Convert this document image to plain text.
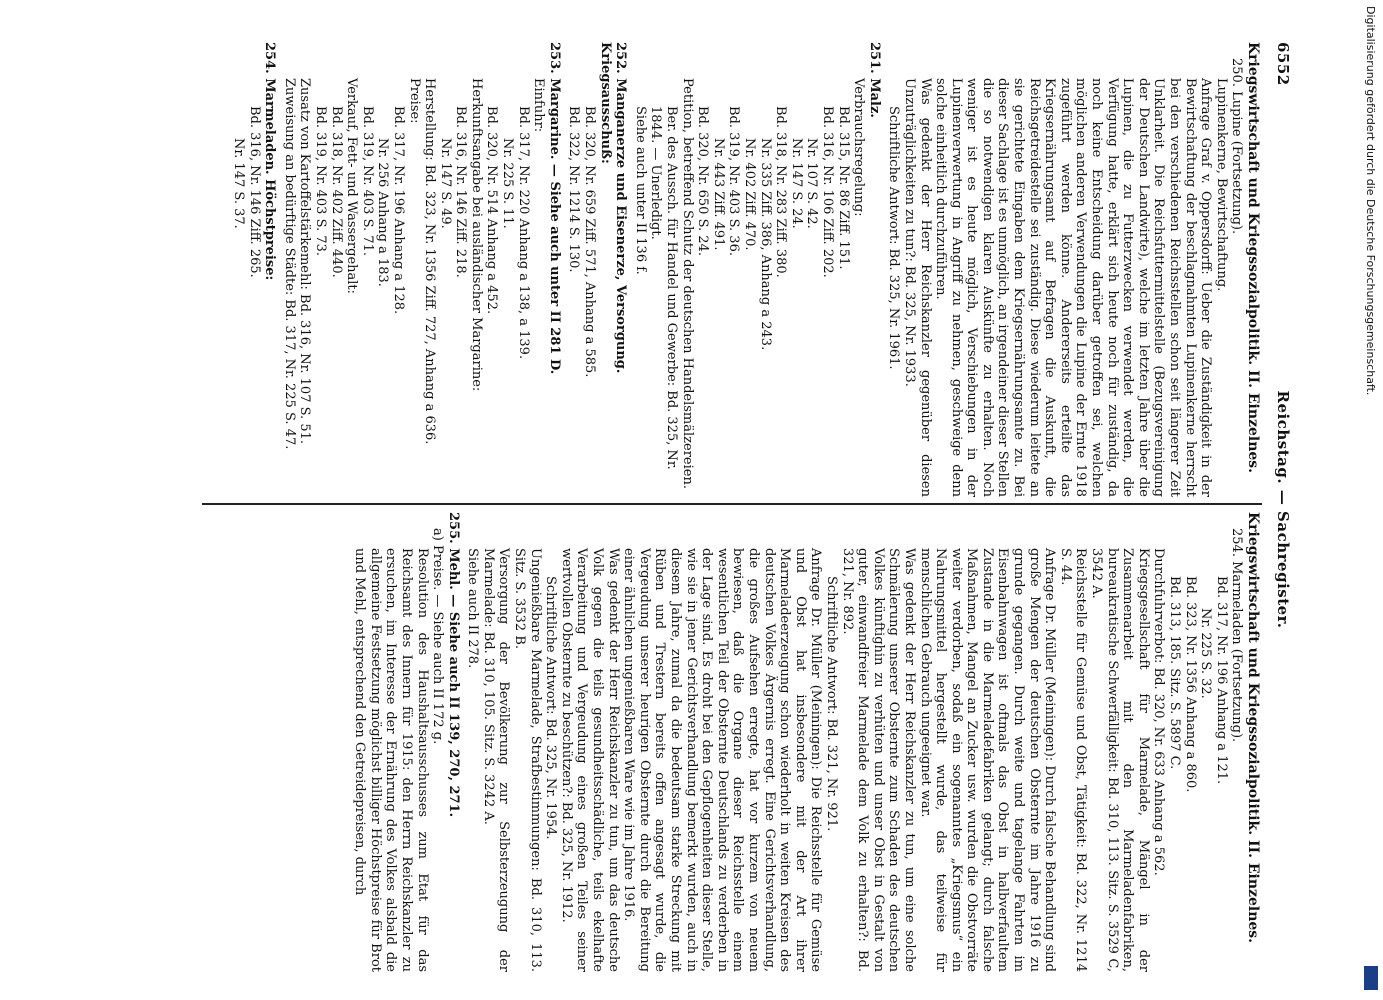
6552
Reichstag. — Sachregister.
Kriegswirtschaft und Kriegssozialpolitik. II. Einzelnes.
250. Lupine (Fortsetzung).
Lupinenkerne, Bewirtschaftung.
Anfrage Graf v. Oppersdorff: Ueber die Zuständigkeit in der Bewirtschaftung der beschlagnahmten Lupinenkerne herrscht bei den verschiedenen Reichsstellen schon seit längerer Zeit Unklarheit. Die Reichsfuttermittelstelle (Bezugsvereinigung der Deutschen Landwirte), welche im letzten Jahre über die Lupinen, die zu Futterzwecken verwendet werden, die Verfügung hatte, erklärt sich heute noch für zuständig, da noch keine Entscheidung darüber getroffen sei, welchen möglichen anderen Verwendungen die Lupine der Ernte 1918 zugeführt werden könne. Andererseits erteilte das Kriegsernährungsamt auf Befragen die Auskunft, die Reichsgetreidestelle sei zuständig. Diese wiederum leitete an sie gerichtete Eingaben dem Kriegsernährungsamte zu. Bei dieser Sachlage ist es unmöglich, an irgendeiner dieser Stellen die so notwendigen klaren Auskünfte zu erhalten. Noch weniger ist es heute möglich, Verschiebungen in der Lupinenverwertung in Angriff zu nehmen, geschweige denn solche einheitlich durchzuführen.
Was gedenkt der Herr Reichskanzler gegenüber diesen Unzuträglichkeiten zu tun?: Bd. 325, Nr. 1933.
Schriftliche Antwort: Bd. 325, Nr. 1961.
251. Malz.
Verbrauchsregelung:
Bd. 315, Nr. 86 Ziff. 151.
Bd. 316, Nr. 106 Ziff. 202.
Nr. 107 S. 42.
Nr. 147 S. 24.
Bd. 318, Nr. 283 Ziff. 380.
Nr. 335 Ziff. 386, Anhang a 243.
Nr. 402 Ziff. 470.
Bd. 319, Nr. 403 S. 36.
Nr. 443 Ziff. 491.
Bd. 320, Nr. 650 S. 24.
Petition, betreffend Schutz der deutschen Handelsmälzereien.
Ber. des Aussch. für Handel und Gewerbe: Bd. 325, Nr. 1844. — Unerledigt.
Siehe auch unter II 136 f.
252. Manganerze und Eisenerze, Versorgung. Kriegsausschuß:
Bd. 320, Nr. 659 Ziff. 571, Anhang a 585.
Bd. 322, Nr. 1214 S. 130.
253. Margarine. — Siehe auch unter II 281 D.
Einfuhr:
Bd. 317, Nr. 220 Anhang a 138, a 139.
Nr. 225 S. 11.
Bd. 320, Nr. 514 Anhang a 452.
Herkunftsangabe bei ausländischer Margarine:
Bd. 316, Nr. 146 Ziff. 218.
Nr. 147 S. 49.
Herstellung: Bd. 323, Nr. 1356 Ziff. 727, Anhang a 636.
Preise:
Bd. 317, Nr. 196 Anhang a 128.
Nr. 256 Anhang a 183.
Bd. 319, Nr. 403 S. 71.
Verkauf, Fett- und Wassergehalt:
Bd. 318, Nr. 402 Ziff. 440.
Bd. 319, Nr. 403 S. 73.
Zusatz von Kartoffelstärkemehl: Bd. 316, Nr. 107 S. 51.
Zuweisung an bedürftige Städte: Bd. 317, Nr. 225 S. 47.
254. Marmeladen. Höchstpreise:
Bd. 316, Nr. 146 Ziff. 265.
Nr. 147 S. 37.
Kriegswirtschaft und Kriegssozialpolitik. II. Einzelnes.
254. Marmeladen (Fortsetzung).
Bd. 317, Nr. 196 Anhang a 121.
Nr. 225 S. 32.
Bd. 323, Nr. 1356 Anhang a 860.
Bd. 313, 185. Sitz. S. 5897 C.
Durchfuhrverbot: Bd. 320, Nr. 633 Anhang a 562.
Kriegsgesellschaft für Marmelade, Mängel in der Zusammenarbeit mit den Marmeladenfabriken, bureaukratische Schwerfälligkeit: Bd. 310, 113. Sitz. S. 3529 C, 3542 A.
Reichsstelle für Gemüse und Obst, Tätigkeit: Bd. 322, Nr. 1214 S. 44.
Anfrage Dr. Müller (Meiningen): Durch falsche Behandlung sind große Mengen der deutschen Obsternte im Jahre 1916 zu grunde gegangen. Durch weite und tagelange Fahrten im Eisenbahnwagen ist oftmals das Obst in halbverfaultem Zustande in die Marmeladefabriken gelangt; durch falsche Maßnahmen, Mangel an Zucker usw. wurden die Obstvorräte weiter verdorben, sodaß ein sogenanntes „Kriegsmus“ ein Nahrungsmittel hergestellt wurde, das teilweise für menschlichen Gebrauch ungeeignet war.
Was gedenkt der Herr Reichskanzler zu tun, um eine solche Schmälerung unserer Obsternte zum Schaden des deutschen Volkes künftighin zu verhüten und unser Obst in Gestalt von guter, einwandfreier Marmelade dem Volk zu erhalten?: Bd. 321, Nr. 892.
Schriftliche Antwort: Bd. 321, Nr. 921.
Anfrage Dr. Müller (Meiningen): Die Reichsstelle für Gemüse und Obst hat insbesondere mit der Art ihrer Marmeladeerzeugung schon wiederholt in weiten Kreisen des deutschen Volkes Ärgernis erregt. Eine Gerichtsverhandlung, die großes Aufsehen erregte, hat vor kurzem von neuem bewiesen, daß die Organe dieser Reichsstelle einem wesentlichen Teil der Obsternte Deutschlands zu verderben in der Lage sind. Es droht bei den Gepflogenheiten dieser Stelle, wie sie in jener Gerichtsverhandlung bemerkt wurden, auch in diesem Jahre, zumal da die bedeutsam starke Streckung mit Rüben und Trestern bereits offen angesagt wurde, die Vergeudung unserer heurigen Obsternte durch die Bereitung einer ähnlichen ungenießbaren Ware wie im Jahre 1916.
Was gedenkt der Herr Reichskanzler zu tun, um das deutsche Volk gegen die teils gesundheitsschädliche, teils ekelhafte Verarbeitung und Vergeudung eines großen Teiles seiner wertvollen Obsternte zu beschützen?: Bd. 325, Nr. 1912.
Schriftliche Antwort: Bd. 325, Nr. 1954.
Ungenießbare Marmelade, Strafbestimmungen: Bd. 310, 113. Sitz. S. 3532 B.
Versorgung der Bevölkerung zur Selbsterzeugung der Marmelade: Bd. 310, 105. Sitz. S. 3242 A.
Siehe auch II 278.
255. Mehl. — Siehe auch II 139, 270, 271.
a) Preise. — Siehe auch II 172 g.
Resolution des Haushaltsausschusses zum Etat für das Reichsamt des Innern für 1915: den Herrn Reichskanzler zu ersuchen, im Interesse der Ernährung des Volkes alsbald die allgemeine Festsetzung möglichst billiger Höchstpreise für Brot und Mehl, entsprechend den Getreidepreisen, durch
Digitalisierung gefördert durch die Deutsche Forschungsgemeinschaft.
